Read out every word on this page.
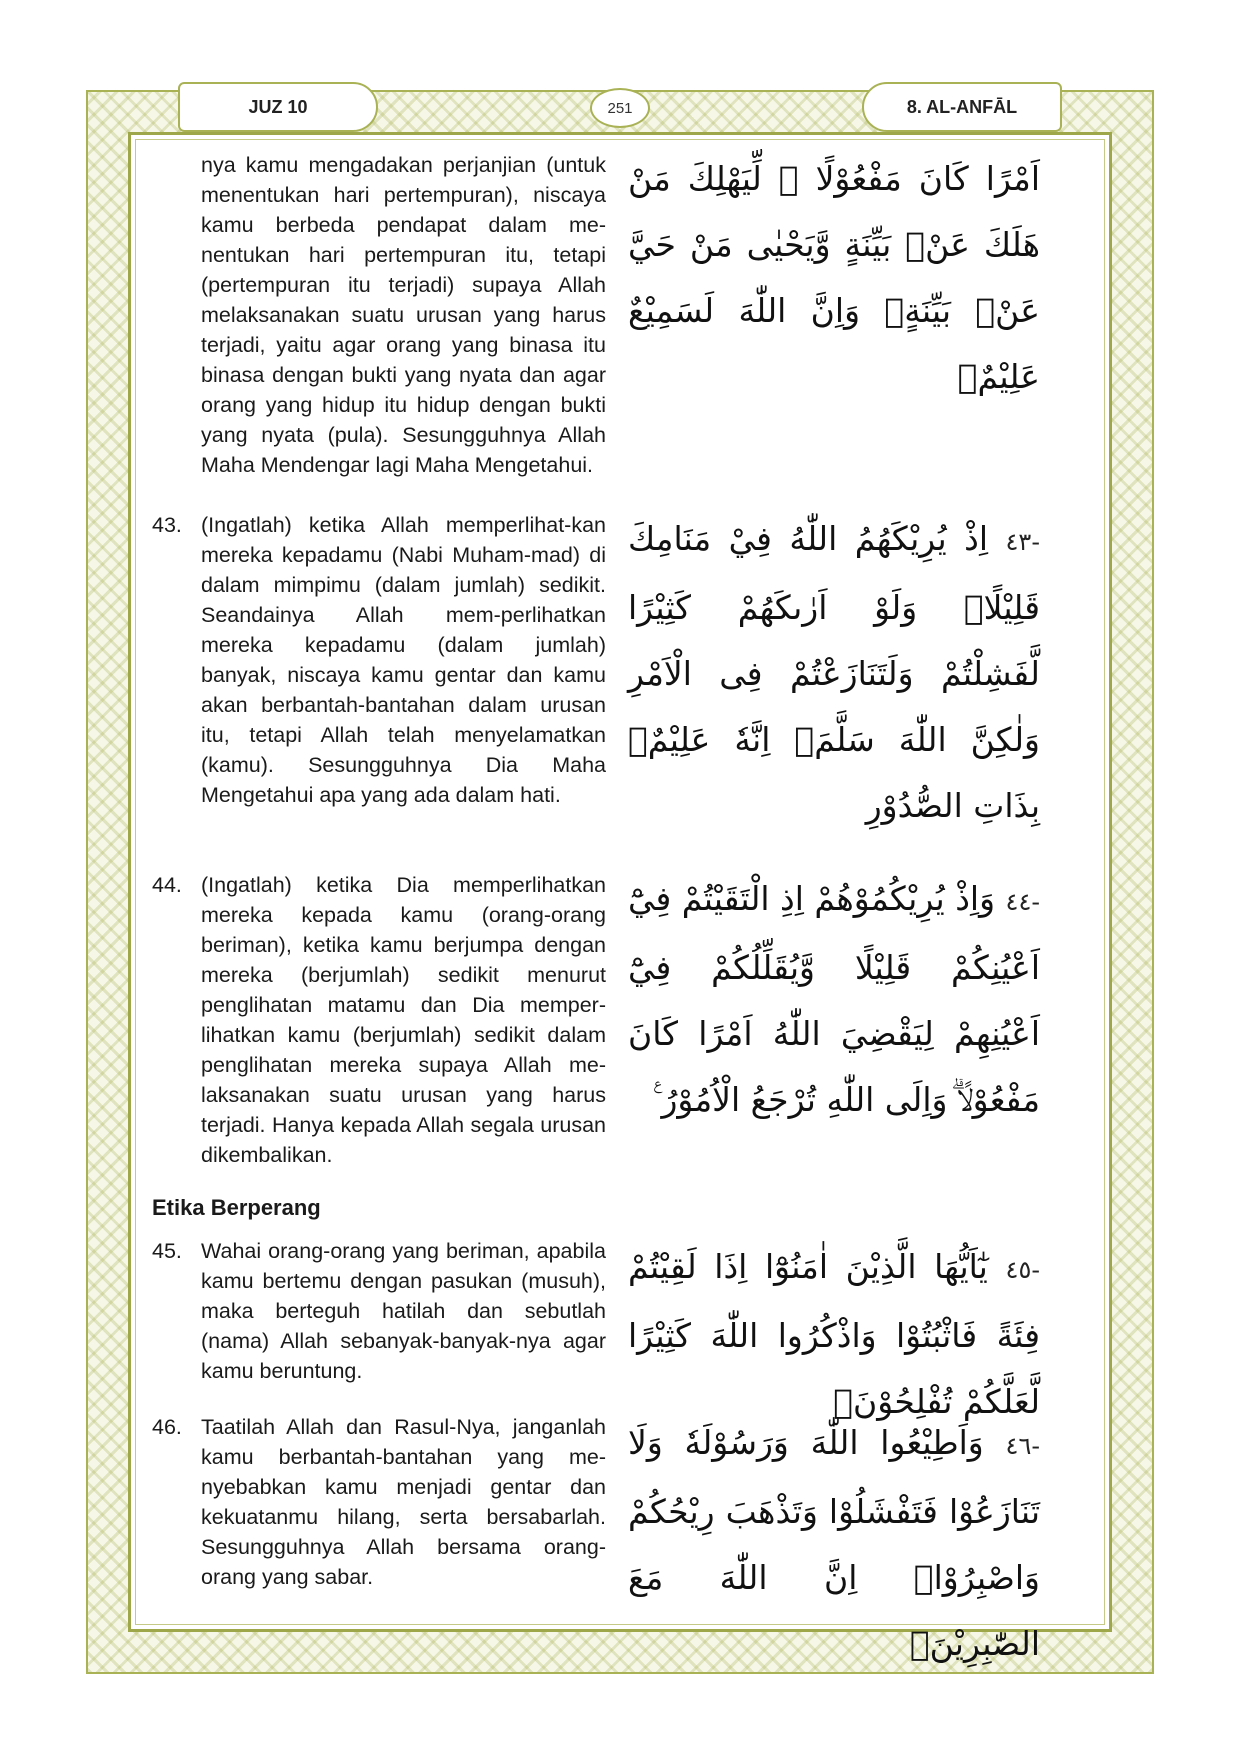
JUZ 10	251	8. AL-ANFĀL
nya kamu mengadakan perjanjian (untuk menentukan hari pertempuran), niscaya kamu berbeda pendapat dalam me-nentukan hari pertempuran itu, tetapi (pertempuran itu terjadi) supaya Allah melaksanakan suatu urusan yang harus terjadi, yaitu agar orang yang binasa itu binasa dengan bukti yang nyata dan agar orang yang hidup itu hidup dengan bukti yang nyata (pula). Sesungguhnya Allah Maha Mendengar lagi Maha Mengetahui.
اَمْرًا كَانَ مَفْعُوْلًا ۙ لِّيَهْلِكَ مَنْ هَلَكَ عَنْۢ بَيِّنَةٍ وَّيَحْيٰى مَنْ حَيَّ عَنْۢ بَيِّنَةٍۗ وَاِنَّ اللّٰهَ لَسَمِيْعٌ عَلِيْمٌۙ
43. (Ingatlah) ketika Allah memperlihat-kan mereka kepadamu (Nabi Muham-mad) di dalam mimpimu (dalam jumlah) sedikit. Seandainya Allah mem-perlihatkan mereka kepadamu (dalam jumlah) banyak, niscaya kamu gentar dan kamu akan berbantah-bantahan dalam urusan itu, tetapi Allah telah menyelamatkan (kamu). Sesungguhnya Dia Maha Mengetahui apa yang ada dalam hati.
-٤٣ اِذْ يُرِيْكَهُمُ اللّٰهُ فِيْ مَنَامِكَ قَلِيْلًاۗ وَلَوْ اَرٰىكَهُمْ كَثِيْرًا لَّفَشِلْتُمْ وَلَتَنَازَعْتُمْ فِى الْاَمْرِ وَلٰكِنَّ اللّٰهَ سَلَّمَۗ اِنَّهٗ عَلِيْمٌۢ بِذَاتِ الصُّدُوْرِ
44. (Ingatlah) ketika Dia memperlihatkan mereka kepada kamu (orang-orang beriman), ketika kamu berjumpa dengan mereka (berjumlah) sedikit menurut penglihatan matamu dan Dia memper-lihatkan kamu (berjumlah) sedikit dalam penglihatan mereka supaya Allah me-laksanakan suatu urusan yang harus terjadi. Hanya kepada Allah segala urusan dikembalikan.
-٤٤ وَاِذْ يُرِيْكُمُوْهُمْ اِذِ الْتَقَيْتُمْ فِيْٓ اَعْيُنِكُمْ قَلِيْلًا وَّيُقَلِّلُكُمْ فِيْٓ اَعْيُنِهِمْ لِيَقْضِيَ اللّٰهُ اَمْرًا كَانَ مَفْعُوْلًاۗ وَاِلَى اللّٰهِ تُرْجَعُ الْاُمُوْرُ ࣖ
Etika Berperang
45. Wahai orang-orang yang beriman, apabila kamu bertemu dengan pasukan (musuh), maka berteguh hatilah dan sebutlah (nama) Allah sebanyak-banyak-nya agar kamu beruntung.
-٤٥ يٰٓاَيُّهَا الَّذِيْنَ اٰمَنُوْٓا اِذَا لَقِيْتُمْ فِئَةً فَاثْبُتُوْا وَاذْكُرُوا اللّٰهَ كَثِيْرًا لَّعَلَّكُمْ تُفْلِحُوْنَۚ
46. Taatilah Allah dan Rasul-Nya, janganlah kamu berbantah-bantahan yang me-nyebabkan kamu menjadi gentar dan kekuatanmu hilang, serta bersabarlah. Sesungguhnya Allah bersama orang-orang yang sabar.
-٤٦ وَاَطِيْعُوا اللّٰهَ وَرَسُوْلَهٗ وَلَا تَنَازَعُوْا فَتَفْشَلُوْا وَتَذْهَبَ رِيْحُكُمْ وَاصْبِرُوْاۗ اِنَّ اللّٰهَ مَعَ الصّٰبِرِيْنَۚ
